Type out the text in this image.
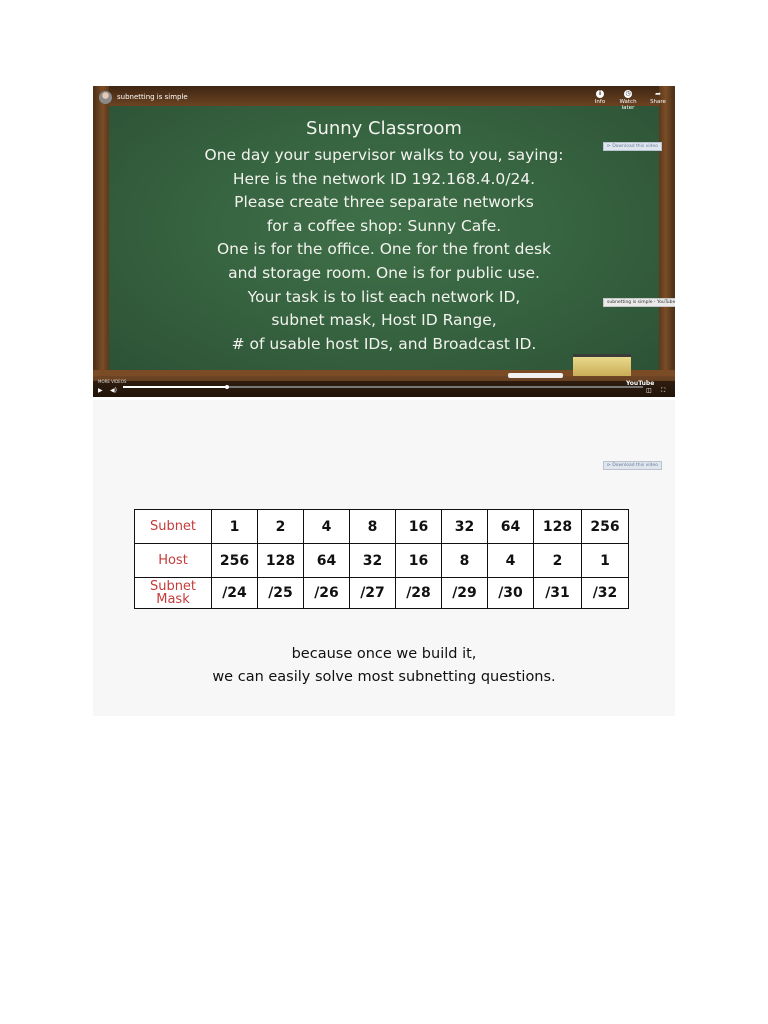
Sunny Classroom
One day your supervisor walks to you, saying:
Here is the network ID 192.168.4.0/24.
Please create three separate networks
for a coffee shop: Sunny Cafe.
One is for the office. One for the front desk
and storage room. One is for public use.
Your task is to list each network ID,
subnet mask, Host ID Range,
# of usable host IDs, and Broadcast ID.
subnetting is simple	i
Info
◷
Watch later
➦
Share
⊳ Download this video
subnetting is simple - YouTube
MORE VIDEOS
▶ ◀)
YouTube
◫ ⛶
⊳ Download this video
Subnet	1	2	4	8	16	32	64	128	256
Host	256	128	64	32	16	8	4	2	1
Subnet
Mask	/24	/25	/26	/27	/28	/29	/30	/31	/32
because once we build it,
we can easily solve most subnetting questions.
